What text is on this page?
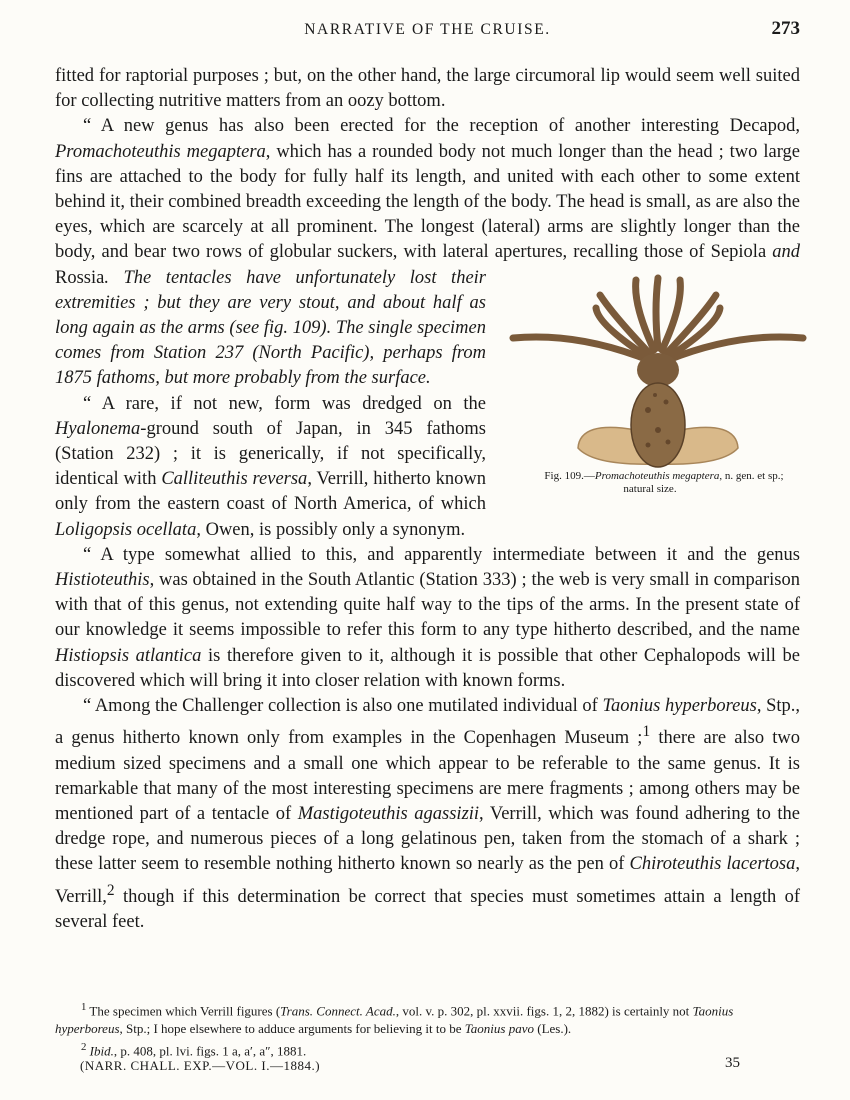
NARRATIVE OF THE CRUISE.	273

fitted for raptorial purposes ; but, on the other hand, the large circumoral lip would seem well suited for collecting nutritive matters from an oozy bottom.

“ A new genus has also been erected for the reception of another interesting Decapod, Promachoteuthis megaptera, which has a rounded body not much longer than the head ; two large fins are attached to the body for fully half its length, and united with each other to some extent behind it, their combined breadth exceeding the length of the body. The head is small, as are also the eyes, which are scarcely at all prominent. The longest (lateral) arms are slightly longer than the body, and bear two rows of globular suckers, with lateral apertures, recalling those of
Fig. 109.—Promachoteuthis megaptera, n. gen. et sp.; natural size.
Sepiola and Rossia. The tentacles have unfortunately lost their extremities ; but they are very stout, and about half as long again as the arms (see fig. 109). The single specimen comes from Station 237 (North Pacific), perhaps from 1875 fathoms, but more probably from the surface.

“ A rare, if not new, form was dredged on the Hyalonema-ground south of Japan, in 345 fathoms (Station 232) ; it is generically, if not specifically, identical with Calliteuthis reversa, Verrill, hitherto known only from the eastern coast of North America, of which Loligopsis ocellata, Owen, is possibly only a synonym.

“ A type somewhat allied to this, and apparently intermediate between it and the genus Histioteuthis, was obtained in the South Atlantic (Station 333) ; the web is very small in comparison with that of this genus, not extending quite half way to the tips of the arms. In the present state of our knowledge it seems impossible to refer this form to any type hitherto described, and the name Histiopsis atlantica is therefore given to it, although it is possible that other Cephalopods will be discovered which will bring it into closer relation with known forms.

“ Among the Challenger collection is also one mutilated individual of Taonius hyperboreus, Stp., a genus hitherto known only from examples in the Copenhagen Museum ;$^1$ there are also two medium sized specimens and a small one which appear to be referable to the same genus. It is remarkable that many of the most interesting specimens are mere fragments ; among others may be mentioned part of a tentacle of Mastigoteuthis agassizii, Verrill, which was found adhering to the dredge rope, and numerous pieces of a long gelatinous pen, taken from the stomach of a shark ; these latter seem to resemble nothing hitherto known so nearly as the pen of Chiroteuthis lacertosa, Verrill,$^2$ though if this determination be correct that species must sometimes attain a length of several feet.

$^1$ The specimen which Verrill figures (Trans. Connect. Acad., vol. v. p. 302, pl. xxvii. figs. 1, 2, 1882) is certainly not Taonius hyperboreus, Stp.; I hope elsewhere to adduce arguments for believing it to be Taonius pavo (Les.).

$^2$ Ibid., p. 408, pl. lvi. figs. 1 a, a′, a″, 1881.

(NARR. CHALL. EXP.—VOL. I.—1884.)	35
